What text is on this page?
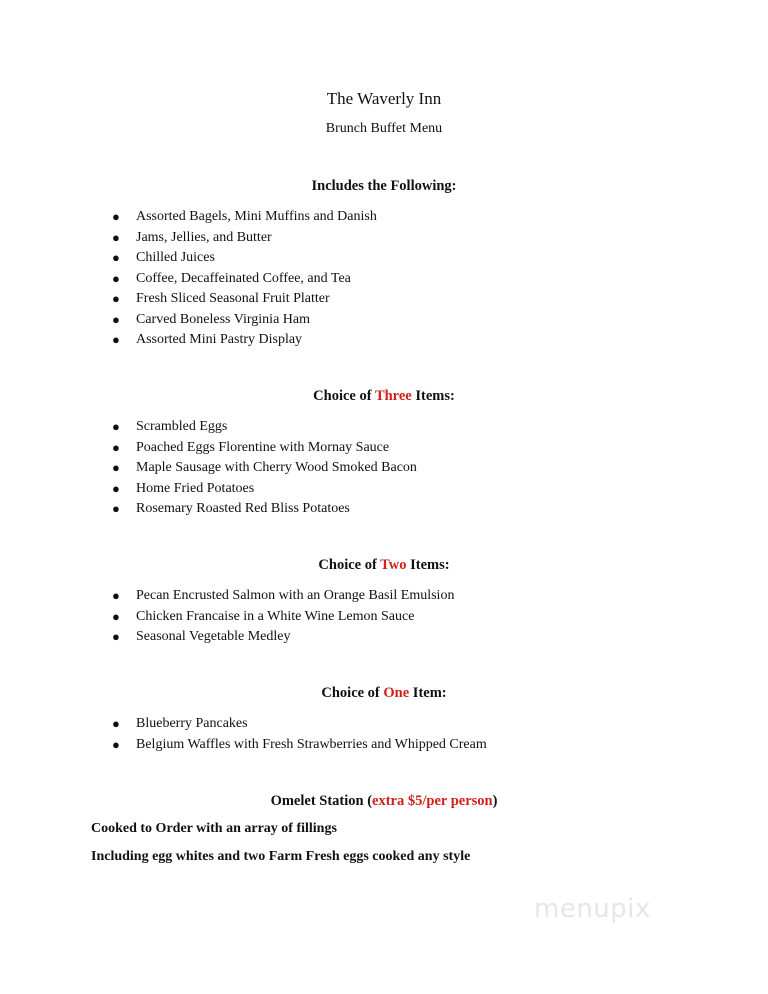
The Waverly Inn
Brunch Buffet Menu
Includes the Following:
● Assorted Bagels, Mini Muffins and Danish
● Jams, Jellies, and Butter
● Chilled Juices
● Coffee, Decaffeinated Coffee, and Tea
● Fresh Sliced Seasonal Fruit Platter
● Carved Boneless Virginia Ham
● Assorted Mini Pastry Display
Choice of Three Items:
● Scrambled Eggs
● Poached Eggs Florentine with Mornay Sauce
● Maple Sausage with Cherry Wood Smoked Bacon
● Home Fried Potatoes
● Rosemary Roasted Red Bliss Potatoes
Choice of Two Items:
● Pecan Encrusted Salmon with an Orange Basil Emulsion
● Chicken Francaise in a White Wine Lemon Sauce
● Seasonal Vegetable Medley
Choice of One Item:
● Blueberry Pancakes
● Belgium Waffles with Fresh Strawberries and Whipped Cream
Omelet Station (extra $5/per person)
Cooked to Order with an array of fillings
Including egg whites and two Farm Fresh eggs cooked any style
menupix
